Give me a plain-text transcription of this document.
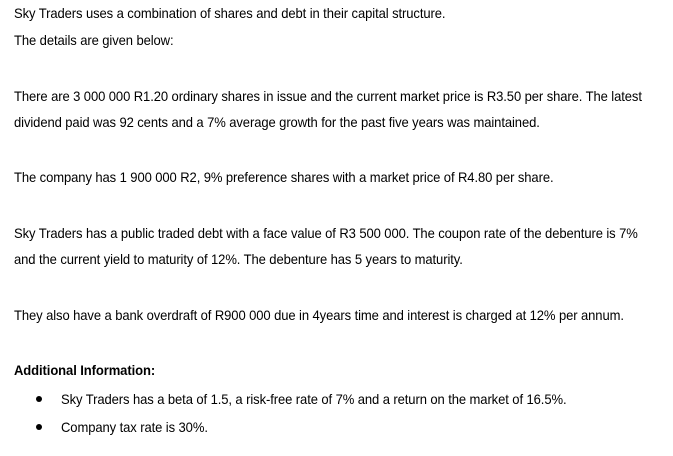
Sky Traders uses a combination of shares and debt in their capital structure.
The details are given below:
There are 3 000 000 R1.20 ordinary shares in issue and the current market price is R3.50 per share. The latest
dividend paid was 92 cents and a 7% average growth for the past five years was maintained.
The company has 1 900 000 R2, 9% preference shares with a market price of R4.80 per share.
Sky Traders has a public traded debt with a face value of R3 500 000. The coupon rate of the debenture is 7%
and the current yield to maturity of 12%. The debenture has 5 years to maturity.
They also have a bank overdraft of R900 000 due in 4years time and interest is charged at 12% per annum.
Additional Information:
Sky Traders has a beta of 1.5, a risk-free rate of 7% and a return on the market of 16.5%.
Company tax rate is 30%.
